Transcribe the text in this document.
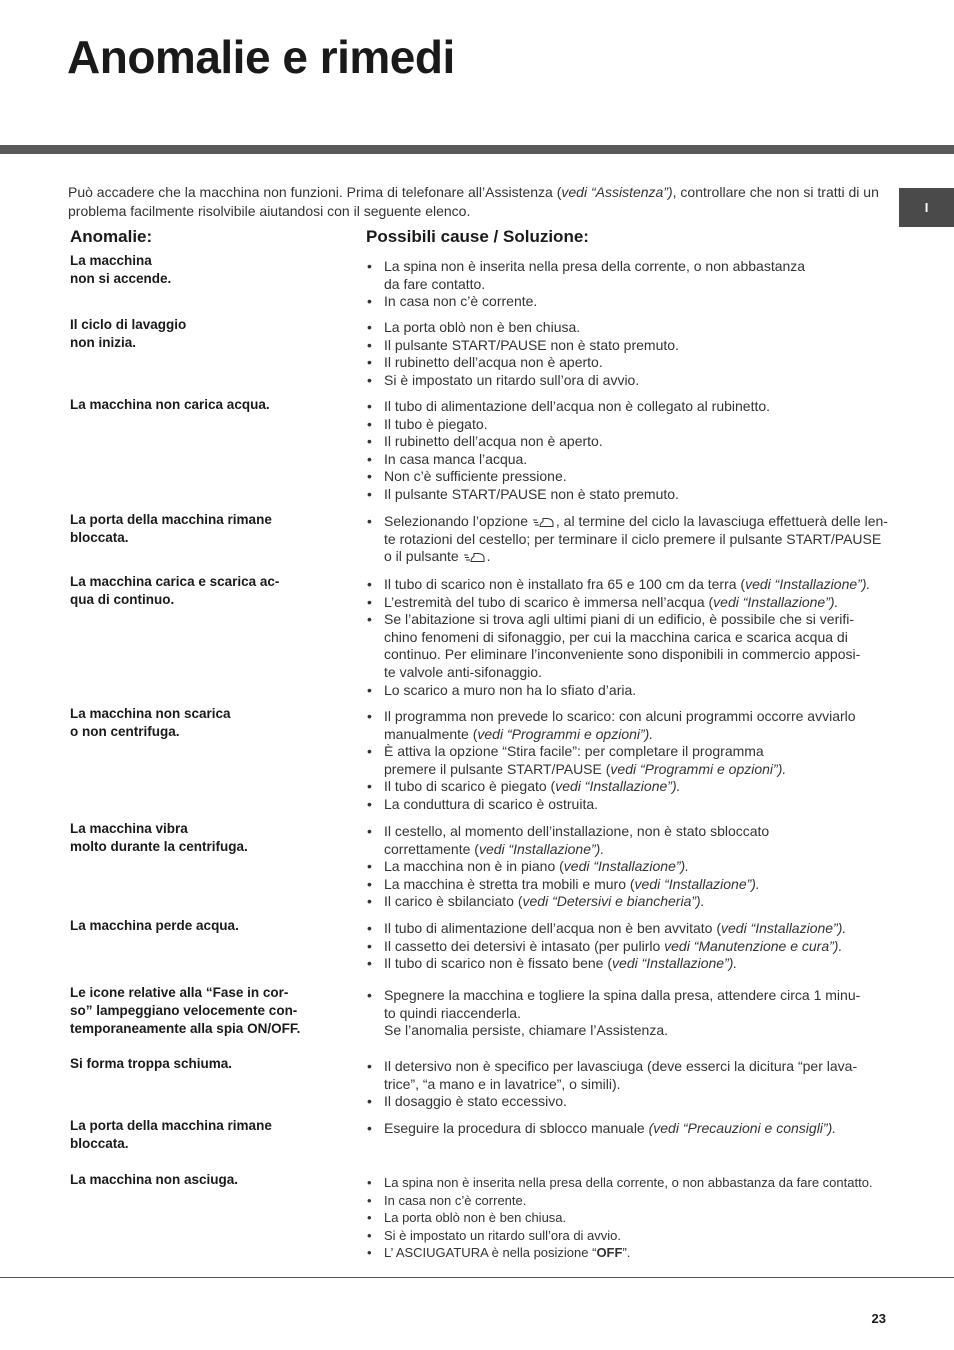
Anomalie e rimedi
I

Può accadere che la macchina non funzioni. Prima di telefonare all’Assistenza (vedi “Assistenza”), controllare che non si tratti di un problema facilmente risolvibile aiutandosi con il seguente elenco.

Anomalie:	Possibili cause / Soluzione:

La macchina
non si accende.

• La spina non è inserita nella presa della corrente, o non abbastanza
da fare contatto.
• In casa non c’è corrente.

Il ciclo di lavaggio
non inizia.

• La porta oblò non è ben chiusa.
• Il pulsante START/PAUSE non è stato premuto.
• Il rubinetto dell’acqua non è aperto.
• Si è impostato un ritardo sull’ora di avvio.

La macchina non carica acqua.	• Il tubo di alimentazione dell’acqua non è collegato al rubinetto.
• Il tubo è piegato.
• Il rubinetto dell’acqua non è aperto.
• In casa manca l’acqua.
• Non c’è sufficiente pressione.
• Il pulsante START/PAUSE non è stato premuto.

La porta della macchina rimane
bloccata.

• Selezionando l’opzione , al termine del ciclo la lavasciuga effettuerà delle len-
te rotazioni del cestello; per terminare il ciclo premere il pulsante START/PAUSE
o il pulsante .

La macchina carica e scarica ac-
qua di continuo.

• Il tubo di scarico non è installato fra 65 e 100 cm da terra (vedi “Installazione”).
• L’estremità del tubo di scarico è immersa nell’acqua (vedi “Installazione”).
• Se l’abitazione si trova agli ultimi piani di un edificio, è possibile che si verifi-
chino fenomeni di sifonaggio, per cui la macchina carica e scarica acqua di
continuo. Per eliminare l’inconveniente sono disponibili in commercio apposi-
te valvole anti-sifonaggio.
• Lo scarico a muro non ha lo sfiato d’aria.

La macchina non scarica
o non centrifuga.

• Il programma non prevede lo scarico: con alcuni programmi occorre avviarlo
manualmente (vedi “Programmi e opzioni”).
• È attiva la opzione “Stira facile”: per completare il programma
premere il pulsante START/PAUSE (vedi “Programmi e opzioni”).
• Il tubo di scarico è piegato (vedi “Installazione”).
• La conduttura di scarico è ostruita.

La macchina vibra
molto durante la centrifuga.

• Il cestello, al momento dell’installazione, non è stato sbloccato
correttamente (vedi “Installazione”).
• La macchina non è in piano (vedi “Installazione”).
• La macchina è stretta tra mobili e muro (vedi “Installazione”).
• Il carico è sbilanciato (vedi “Detersivi e biancheria”).

La macchina perde acqua.	• Il tubo di alimentazione dell’acqua non è ben avvitato (vedi “Installazione”).
• Il cassetto dei detersivi è intasato (per pulirlo vedi “Manutenzione e cura”).
• Il tubo di scarico non è fissato bene (vedi “Installazione”).

Le icone relative alla “Fase in cor-
so” lampeggiano velocemente con-
temporaneamente alla spia ON/OFF.

• Spegnere la macchina e togliere la spina dalla presa, attendere circa 1 minu-
to quindi riaccenderla.
Se l’anomalia persiste, chiamare l’Assistenza.

Si forma troppa schiuma.	• Il detersivo non è specifico per lavasciuga (deve esserci la dicitura “per lava-
trice”, “a mano e in lavatrice”, o simili).
• Il dosaggio è stato eccessivo.

La porta della macchina rimane
bloccata.

• Eseguire la procedura di sblocco manuale (vedi “Precauzioni e consigli”).

La macchina non asciuga.	• La spina non è inserita nella presa della corrente, o non abbastanza da fare contatto.
• In casa non c’è corrente.
• La porta oblò non è ben chiusa.
• Si è impostato un ritardo sull’ora di avvio.
• L’ ASCIUGATURA è nella posizione “OFF”.
23
